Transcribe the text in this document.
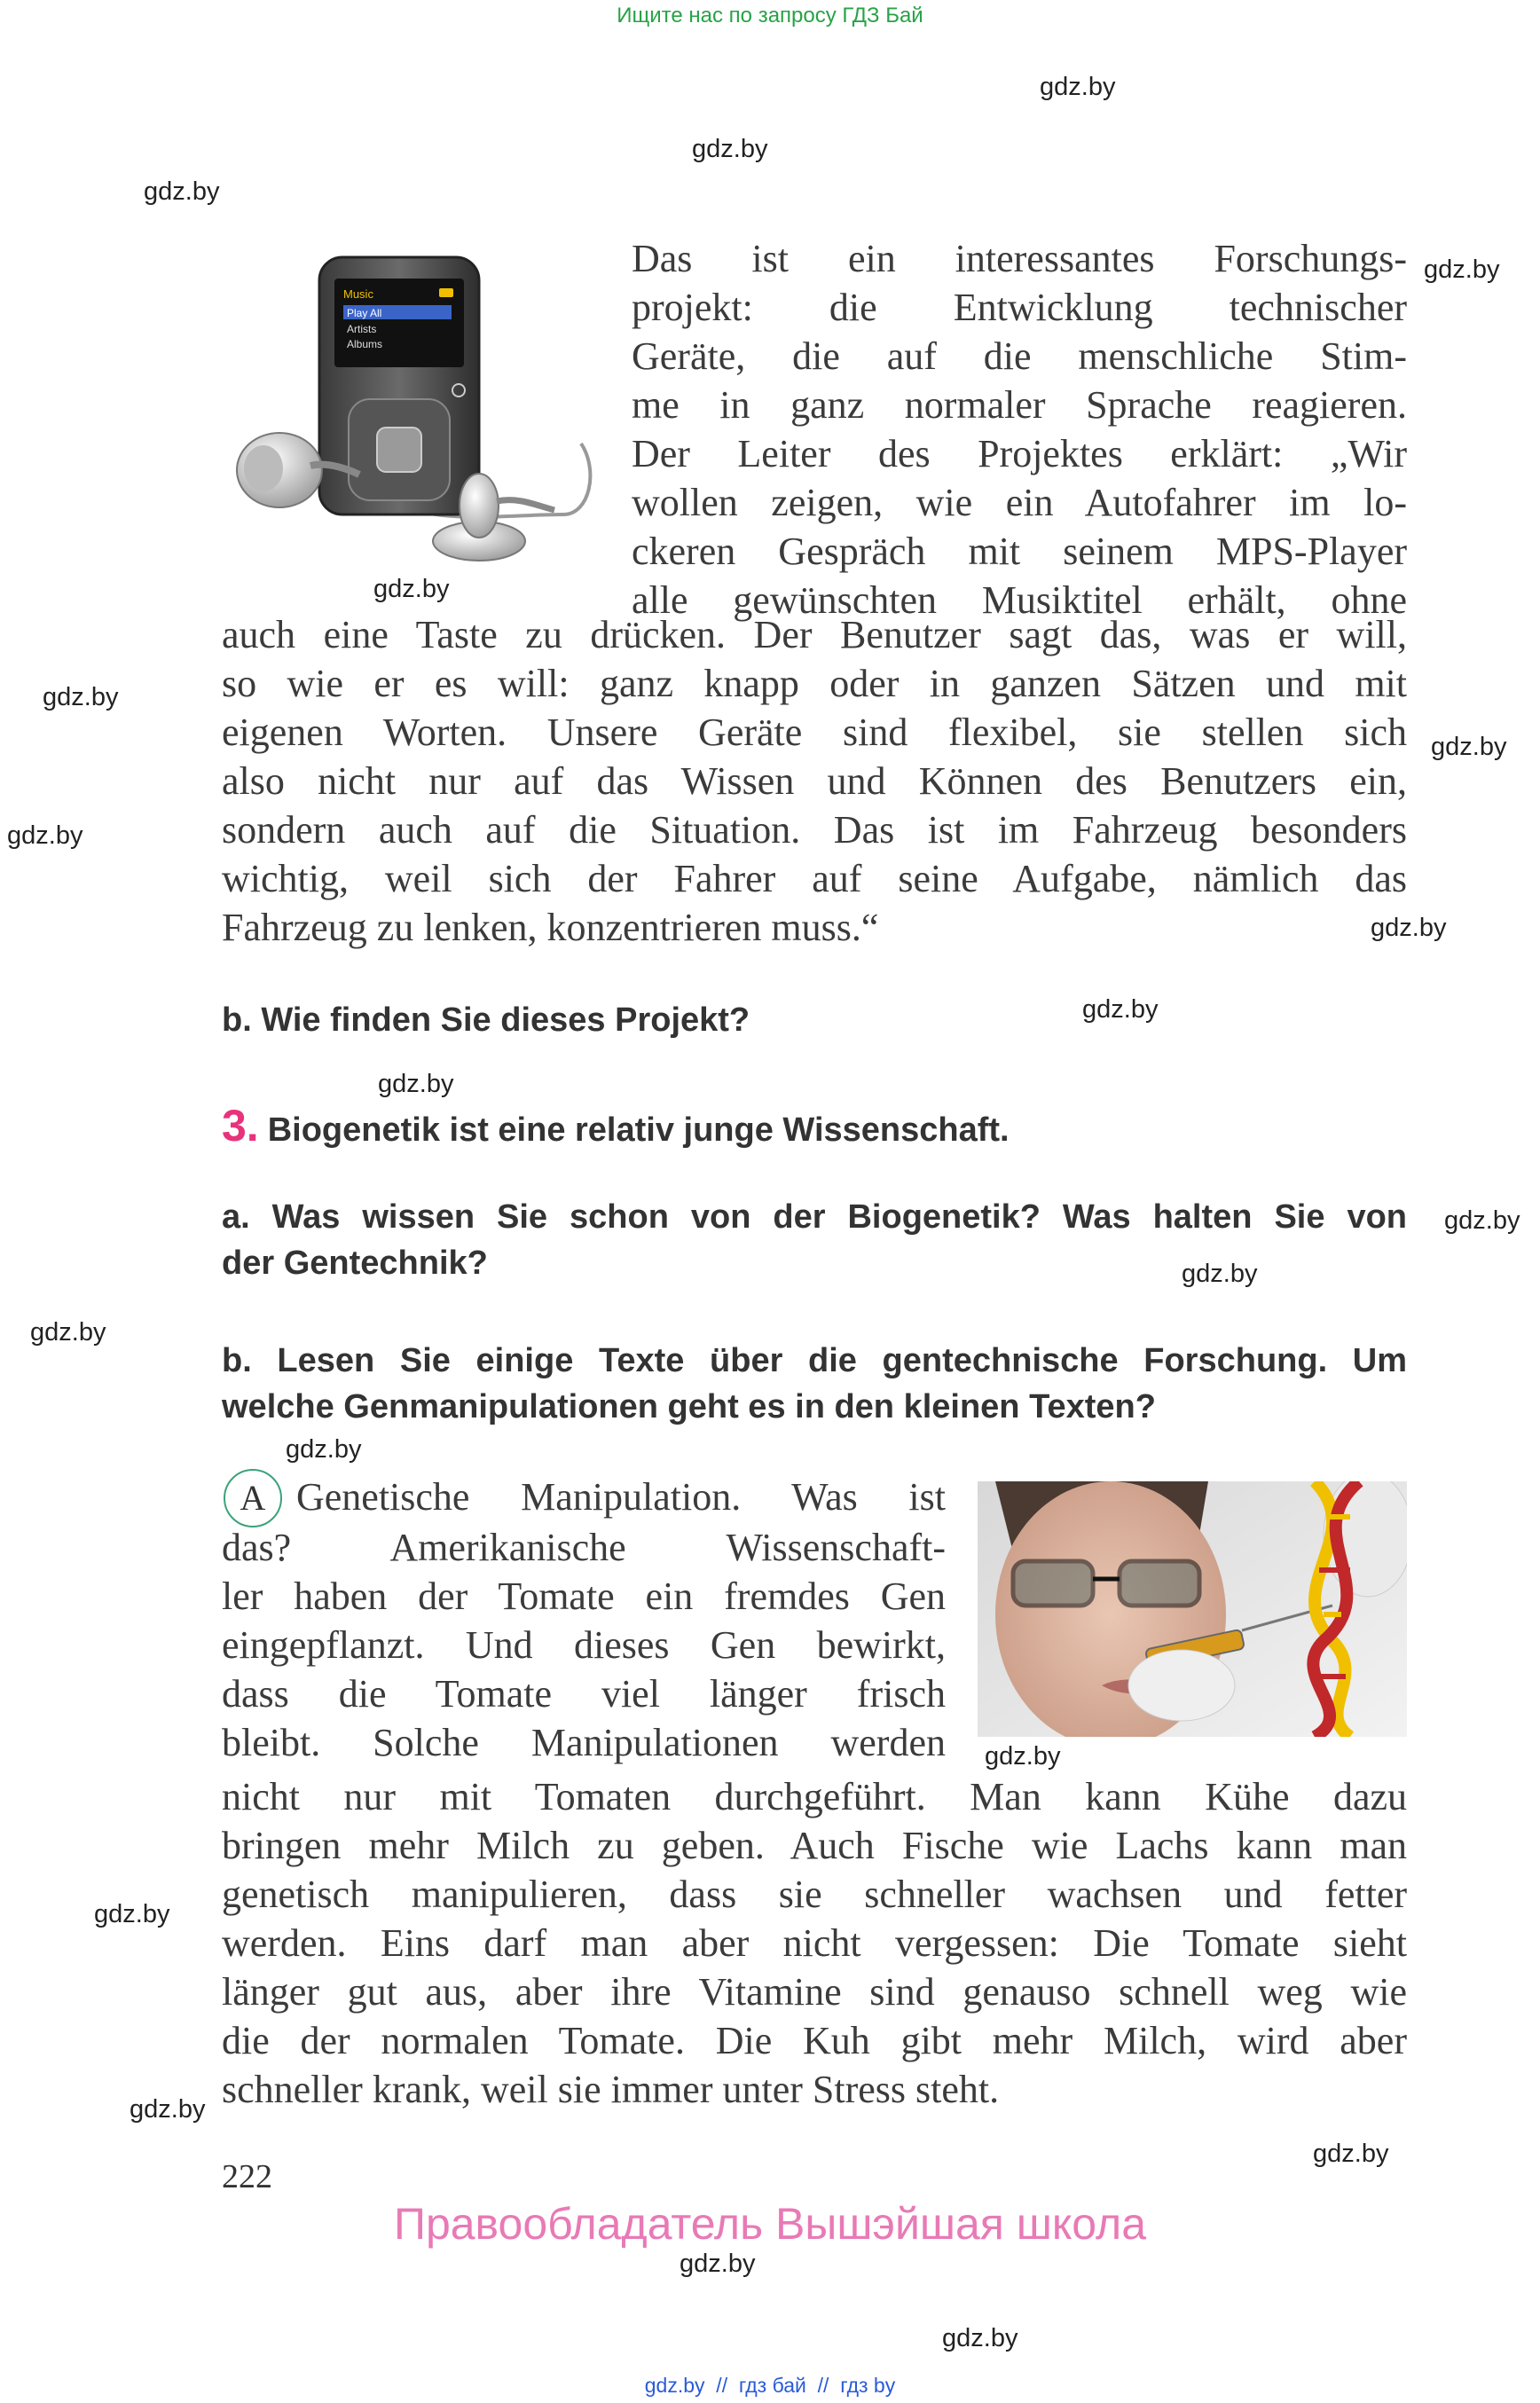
Ищите нас по запросу ГДЗ Бай
gdz.by
gdz.by
gdz.by
gdz.by
gdz.by
gdz.by
gdz.by
gdz.by
gdz.by
gdz.by
gdz.by
gdz.by
gdz.by
gdz.by
gdz.by
gdz.by
gdz.by
gdz.by
gdz.by
gdz.by
gdz.by
Music
Play All
Artists
Albums
Das ist ein interessantes Forschungs-
projekt: die Entwicklung technischer
Geräte, die auf die menschliche Stim-
me in ganz normaler Sprache reagieren.
Der Leiter des Projektes erklärt: „Wir
wollen zeigen, wie ein Autofahrer im lo-
ckeren Gespräch mit seinem MPS-Player
alle gewünschten Musiktitel erhält, ohne
auch eine Taste zu drücken. Der Benutzer sagt das, was er will,
so wie er es will: ganz knapp oder in ganzen Sätzen und mit
eigenen Worten. Unsere Geräte sind flexibel, sie stellen sich
also nicht nur auf das Wissen und Können des Benutzers ein,
sondern auch auf die Situation. Das ist im Fahrzeug besonders
wichtig, weil sich der Fahrer auf seine Aufgabe, nämlich das
Fahrzeug zu lenken, konzentrieren muss.“
b. Wie finden Sie dieses Projekt?
3. Biogenetik ist eine relativ junge Wissenschaft.
a. Was wissen Sie schon von der Biogenetik? Was halten Sie von
der Gentechnik?
b. Lesen Sie einige Texte über die gentechnische Forschung. Um
welche Genmanipulationen geht es in den kleinen Texten?
A Genetische Manipulation. Was ist
das? Amerikanische Wissenschaft-
ler haben der Tomate ein fremdes Gen
eingepflanzt. Und dieses Gen bewirkt,
dass die Tomate viel länger frisch
bleibt. Solche Manipulationen werden
nicht nur mit Tomaten durchgeführt. Man kann Kühe dazu
bringen mehr Milch zu geben. Auch Fische wie Lachs kann man
genetisch manipulieren, dass sie schneller wachsen und fetter
werden. Eins darf man aber nicht vergessen: Die Tomate sieht
länger gut aus, aber ihre Vitamine sind genauso schnell weg wie
die der normalen Tomate. Die Kuh gibt mehr Milch, wird aber
schneller krank, weil sie immer unter Stress steht.
222
Правообладатель Вышэйшая школа
gdz.by  //  гдз бай  //  гдз by
